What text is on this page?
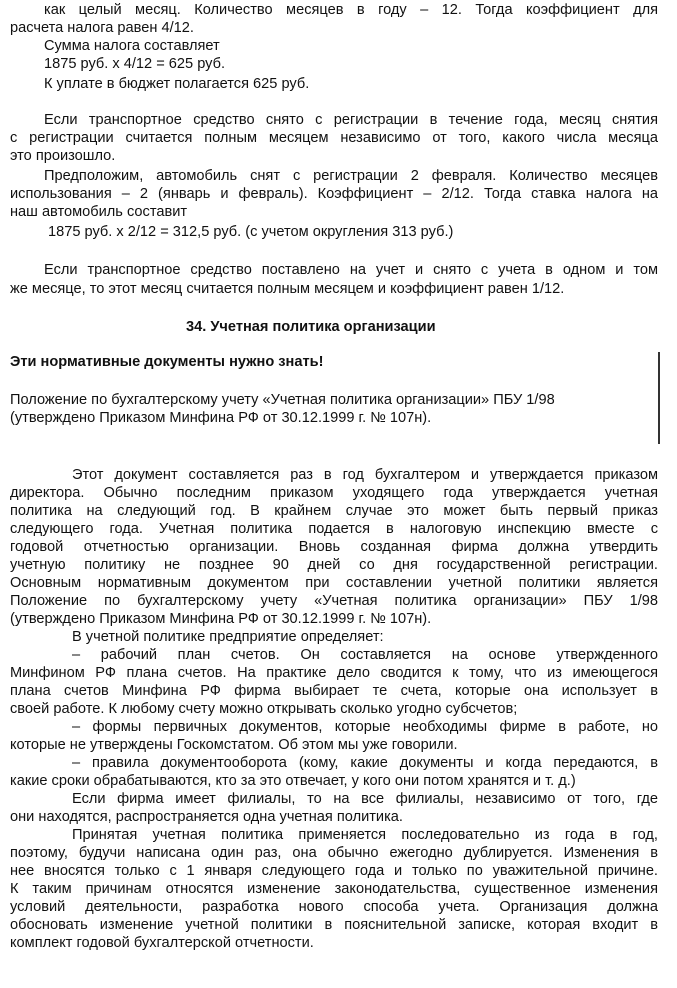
как целый месяц. Количество месяцев в году – 12. Тогда коэффициент для
расчета налога равен 4/12.
Сумма налога составляет
1875 руб. х 4/12 = 625 руб.
К уплате в бюджет полагается 625 руб.
Если транспортное средство снято с регистрации в течение года, месяц снятия
с регистрации считается полным месяцем независимо от того, какого числа месяца
это произошло.
Предположим, автомобиль снят с регистрации 2 февраля. Количество месяцев
использования – 2 (январь и февраль). Коэффициент – 2/12. Тогда ставка налога на
наш автомобиль составит
1875 руб. х 2/12 = 312,5 руб. (с учетом округления 313 руб.)
Если транспортное средство поставлено на учет и снято с учета в одном и том
же месяце, то этот месяц считается полным месяцем и коэффициент равен 1/12.
34. Учетная политика организации
Эти нормативные документы нужно знать!
Положение по бухгалтерскому учету «Учетная политика организации» ПБУ 1/98
(утверждено Приказом Минфина РФ от 30.12.1999 г. № 107н).
Этот документ составляется раз в год бухгалтером и утверждается приказом
директора. Обычно последним приказом уходящего года утверждается учетная
политика на следующий год. В крайнем случае это может быть первый приказ
следующего года. Учетная политика подается в налоговую инспекцию вместе с
годовой отчетностью организации. Вновь созданная фирма должна утвердить
учетную политику не позднее 90 дней со дня государственной регистрации.
Основным нормативным документом при составлении учетной политики является
Положение по бухгалтерскому учету «Учетная политика организации» ПБУ 1/98
(утверждено Приказом Минфина РФ от 30.12.1999 г. № 107н).
В учетной политике предприятие определяет:
– рабочий план счетов. Он составляется на основе утвержденного
Минфином РФ плана счетов. На практике дело сводится к тому, что из имеющегося
плана счетов Минфина РФ фирма выбирает те счета, которые она использует в
своей работе. К любому счету можно открывать сколько угодно субсчетов;
– формы первичных документов, которые необходимы фирме в работе, но
которые не утверждены Госкомстатом. Об этом мы уже говорили.
– правила документооборота (кому, какие документы и когда передаются, в
какие сроки обрабатываются, кто за это отвечает, у кого они потом хранятся и т. д.)
Если фирма имеет филиалы, то на все филиалы, независимо от того, где
они находятся, распространяется одна учетная политика.
Принятая учетная политика применяется последовательно из года в год,
поэтому, будучи написана один раз, она обычно ежегодно дублируется. Изменения в
нее вносятся только с 1 января следующего года и только по уважительной причине.
К таким причинам относятся изменение законодательства, существенное изменения
условий деятельности, разработка нового способа учета. Организация должна
обосновать изменение учетной политики в пояснительной записке, которая входит в
комплект годовой бухгалтерской отчетности.
